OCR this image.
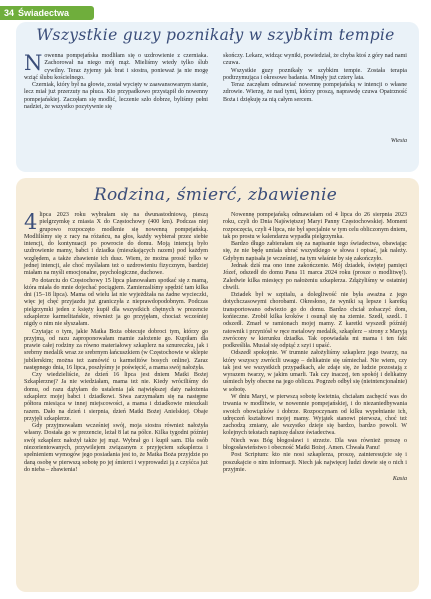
34 Świadectwa
Wszystkie guzy poznikały w szybkim tempie

Nowenna pompejańska modliłam się o uzdrowienie z czerniaka. Zachorował na niego mój mąż. Mieliśmy wtedy tylko ślub cywilny. Teraz żyjemy jak brat i siostra, ponieważ ja nie mogę wziąć ślubu kościelnego.

Czerniak, który był na głowie, został wycięty w zaawansowanym stanie, lecz miał już przerzuty na płuca. Kto przypadkowo przystąpił do nowenny pompejańskiej. Zaczęłam się modlić, leczenie szło dobrze, byliśmy pełni nadziei, że wszystko pozytywnie się

skończy. Lekarz, widząc wyniki, powiedział, że chyba ktoś z góry nad nami czuwa.

Wszystkie guzy poznikały w szybkim tempie. Została terapia podtrzymująca i okresowe badania. Minęły już cztery lata.

Teraz zaczęłam odmawiać nowennę pompejańską w intencji o własne zdrowie. Wierzę, że nad tymi, którzy proszą, naprawdę czuwa Opatrzność Boża i dziękuję za nią całym sercem.

Wiesia
Rodzina, śmierć, zbawienie

4 lipca 2023 roku wybrałam się na dwunastodniową, pieszą pielgrzymkę z miasta X do Częstochowy (400 km). Podczas niej grupowo rozpoczęto modlenie się nowenną pompejańską. Modliliśmy się z racy na różańcu, na głos, każdy wybierał przez siebie intencji, do kontynuacji po powrocie do domu. Moją intencją było uzdrowienie mamy, babci i dziadka (mieszkających razem) pod każdym względem, a także zbawienie ich dusz. Wiem, że można prosić tylko w jednej intencji, ale choć myślałam też o uzdrowieniu fizycznym, bardziej miałam na myśli emocjonalne, psychologiczne, duchowe.

Po dotarciu do Częstochowy 15 lipca planowałam spotkać się z mamą, która miała do mnie dojechać pociągiem. Zamierzaliśmy spędzić tam kilka dni (15–18 lipca). Mama od wielu lat nie wyjeżdżała na żadne wycieczki, więc jej chęć przyjazdu już graniczyła z nieprawdopodobnym. Podczas pielgrzymki jeden z księży kupił dla wszystkich chętnych w prezencie szkaplerze karmelitańskie, również ja go przyjęłam, chociaż wcześniej nigdy o nim nie słyszałam.

Czytając o tym, jakie Matka Boża obiecuje dobroci tym, którzy go przyjmą, od razu zaproponowałam mamie założenie go. Kupiłam dla prawie całej rodziny za równo materiałowy szkaplerz na sznureczku, jak i srebrny medalik wraz ze srebrnym łańcuszkiem (w Częstochowie w sklepie jubilerskim; można też zamówić u karmelitów bosych online). Zaraz następnego dnia, 16 lipca, poszłyśmy je poświęcić, a mama swój nałożyła.

Czy wiedzieliście, że dzień 16 lipca jest dniem Matki Bożej Szkaplerznej? Ja nie wiedziałam, mama też nie. Kiedy wróciliśmy do domu, od razu dążyłam do ustalenia jak największej daty nałożenia szkaplerz mojej babci i dziadkowi. Siwa zarzymałam się na następne półtora miesiąca w innej miejscowości, a mama i dziadkowie mieszkali razem. Dało na dzień i sierpnia, dzień Matki Bożej Anielskiej. Obaje przyjęli szkaplerze.

Gdy przyjmowałam wcześniej swój, moja siostra również nałożyła własny. Dostała go w prezencie, leżał 8 lat na półce. Kilka tygodni później swój szkaplerz nałożył także jej mąż. Wybrał go i kupił sam. Dla osób niezorientowanych, przywilejem związanym z przyjęciem szkaplerza i spełnieniem wymogów jego posiadania jest to, że Matka Boża przyjdzie po daną osobę w pierwszą sobotę po jej śmierci i wyprowadzi ją z czyśćca już do nieba – zbawienia!

Nowennę pompejańską odmawiałam od 4 lipca do 26 sierpnia 2023 roku, czyli do Dnia Najświętszej Maryi Panny Częstochowskiej. Moment rozpoczęcia, czyli 4 lipca, nie był specjalnie w tym celu obliczonym dniem, tak po prostu w kalendarzu wypadła pielgrzymka.

Bardzo długo zabierałam się za napisanie tego świadectwa, obawiając się, że nie będę umiała ubrać wszystkiego w słowa i opisać, jak należy. Gdybym napisała je wcześniej, na tym właśnie by się zakończyło.

Jednak dziś ma ono inne zakończenie. Mój dziadek, świętej pamięci Józef, odszedł do domu Pana 11 marca 2024 roku (prosze o modlitwę!). Zaledwie kilka miesięcy po nałożeniu szkaplerza. Zdążyliśmy w ostatniej chwili.

Dziadek był w szpitalu, a dolegliwość nie była aważna z jego dotychczasowymi chorobami. Okresłono, że wyniki są lepsze i karetką transportowano odwiezio go do domu. Bardzo chciał zobaczyć dom, końieczne. Zrobił kilka kroków i osunął się na ziemie. Szedł, szedł.. I odszedł. Zmarł w ramionach mojej mamy. Z karetki wyszedł późniéj ratownik i przyniósł w ręce metalowy medalik, szkaplerz – strony z Maryją zwrócony w kierunku dziadka. Tak opowiadała mi mama i ten fakt podkreśliła. Musiał się odpiąć z szyi i upaść.

Odszedł spokojnie. W trumnie założyliśmy szkaplerz jego twarzy, na który wszyscy zwrócili uwagę – delikatnie się uśmiechał. Nie wiem, czy tak jest we wszystkich przypadkach, ale zdaje się, że ludzie pozostają z wyrazem twarzy, w jakim umarli. Tak czy inaczej, ten spokój i delikatny uśmiech były obecne na jego obliczu. Pogrzeb odbył się (nieintencjonalnie) w sobotę.

W dniu Maryi, w pierwszą sobotę kwietnia, chciałam zachęcić was do trwania w modlitwie, w nowennie pompejańskiej, i do niezaniedbywania swoich obowiązków i dobrze. Rozpoczynam od kilku wypełnianie ich, udręczeń kształtowi mojej mamy. Wyjątek stanowi pierwsza, choć też zachodzą zmiany, ale wszystko dzieje się bardzo, bardzo powoli. W kolejnych tekstach napiszę dalsze świadectwa.

Niech was Bóg błogosławi i strzeże. Dla was również proszę o błogosławieństwo i obecność Matki Bożej. Amen. Chwała Panu!

Post Scriptum: kto nie nosi szkaplerza, proszę, zainteresujcie się i poszukajcie o nim informacji. Niech jak najwięcej ludzi dowie się o nich i przyjmie.

Kasia
